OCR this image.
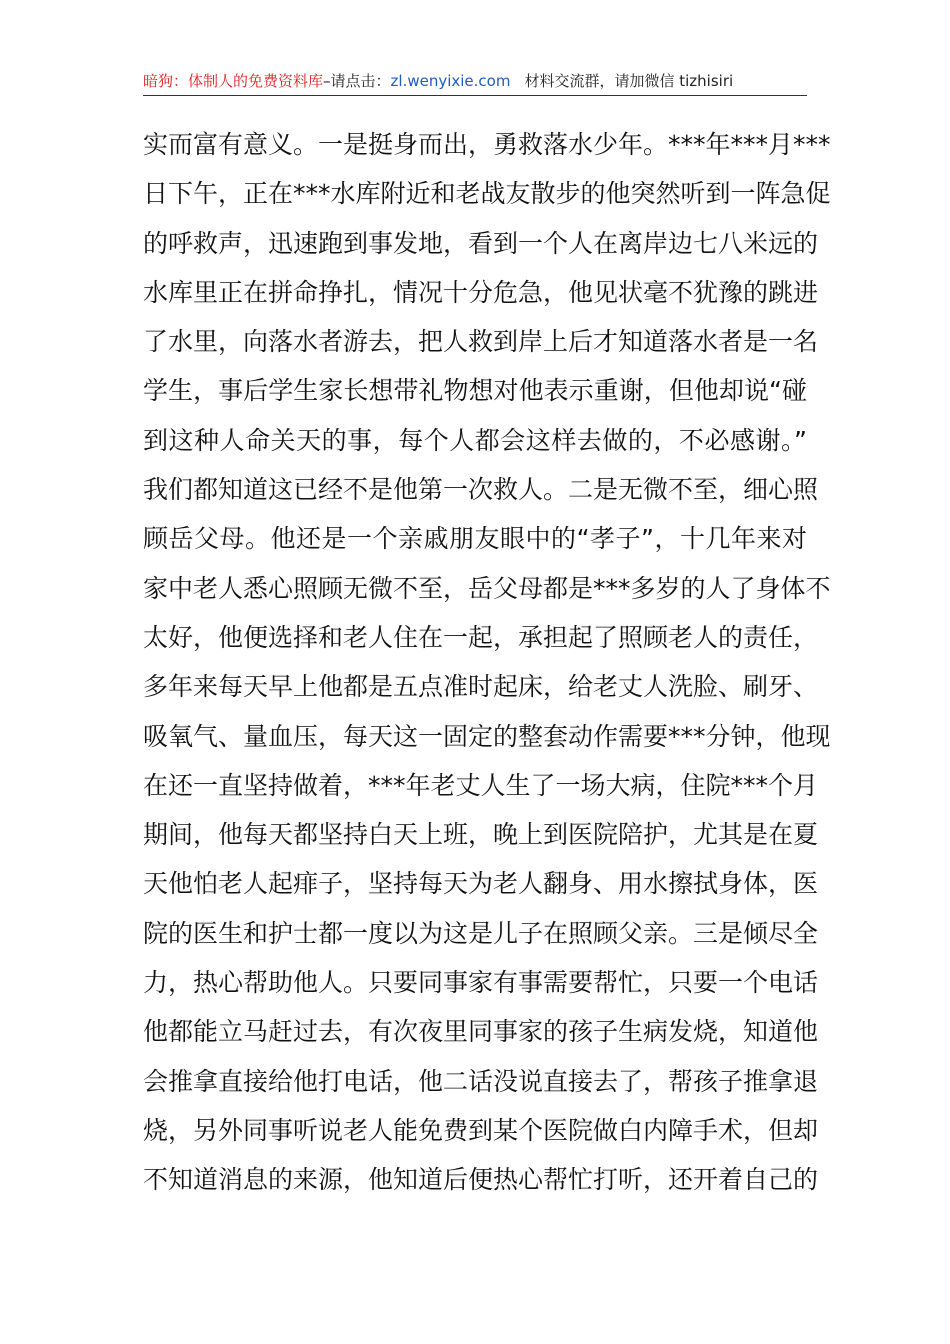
暗狗：体制人的免费资料库–请点击：zl.wenyixie.com 材料交流群，请加微信 tizhisiri
实而富有意义。一是挺身而出，勇救落水少年。***年***月***
日下午，正在***水库附近和老战友散步的他突然听到一阵急促
的呼救声，迅速跑到事发地，看到一个人在离岸边七八米远的
水库里正在拼命挣扎，情况十分危急，他见状毫不犹豫的跳进
了水里，向落水者游去，把人救到岸上后才知道落水者是一名
学生，事后学生家长想带礼物想对他表示重谢，但他却说“碰
到这种人命关天的事，每个人都会这样去做的，不必感谢。”
我们都知道这已经不是他第一次救人。二是无微不至，细心照
顾岳父母。他还是一个亲戚朋友眼中的“孝子”，十几年来对
家中老人悉心照顾无微不至，岳父母都是***多岁的人了身体不
太好，他便选择和老人住在一起，承担起了照顾老人的责任，
多年来每天早上他都是五点准时起床，给老丈人洗脸、刷牙、
吸氧气、量血压，每天这一固定的整套动作需要***分钟，他现
在还一直坚持做着，***年老丈人生了一场大病，住院***个月
期间，他每天都坚持白天上班，晚上到医院陪护，尤其是在夏
天他怕老人起痱子，坚持每天为老人翻身、用水擦拭身体，医
院的医生和护士都一度以为这是儿子在照顾父亲。三是倾尽全
力，热心帮助他人。只要同事家有事需要帮忙，只要一个电话
他都能立马赶过去，有次夜里同事家的孩子生病发烧，知道他
会推拿直接给他打电话，他二话没说直接去了，帮孩子推拿退
烧，另外同事听说老人能免费到某个医院做白内障手术，但却
不知道消息的来源，他知道后便热心帮忙打听，还开着自己的
